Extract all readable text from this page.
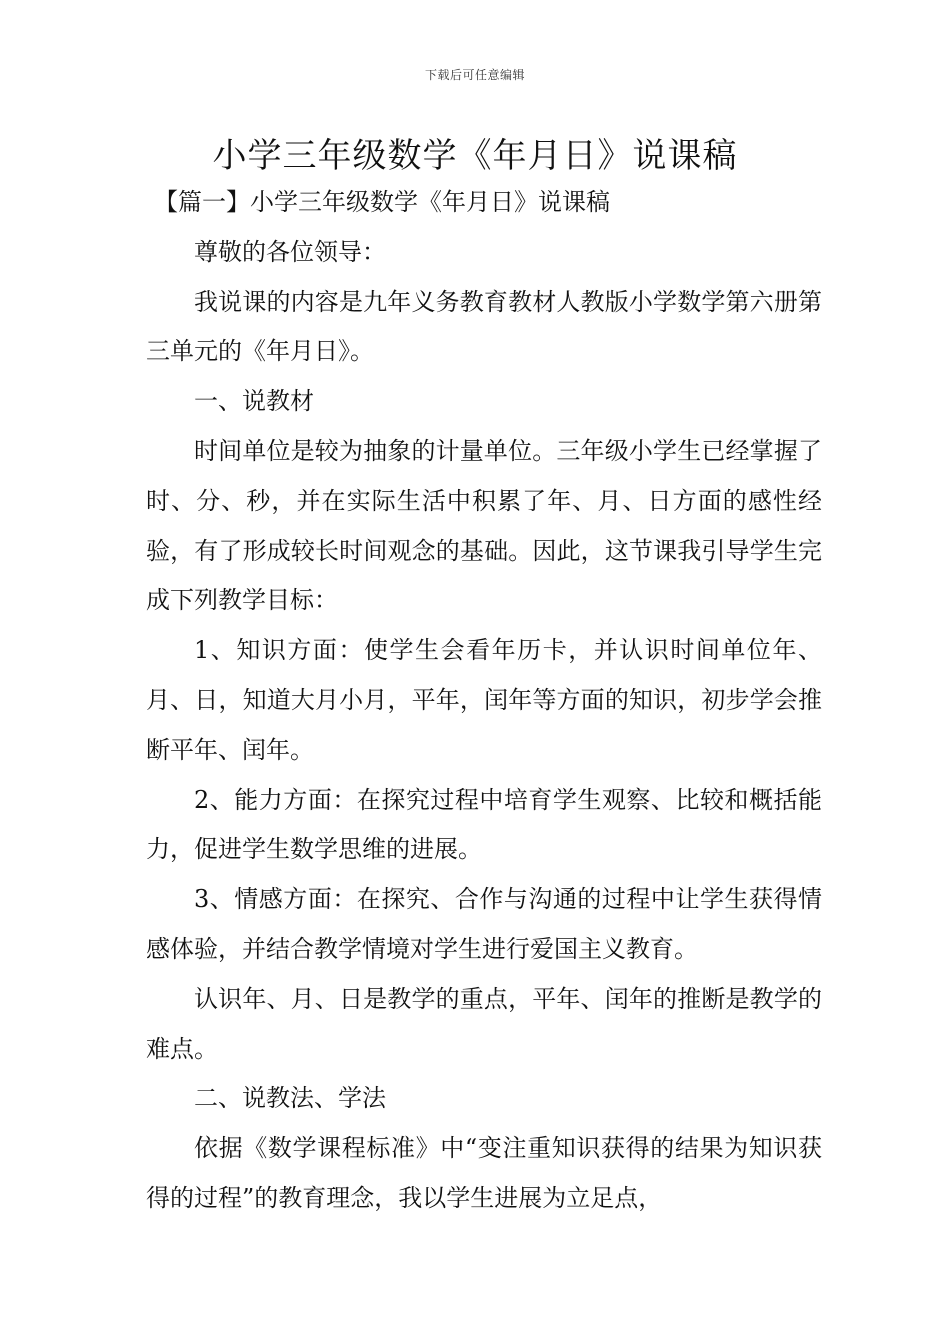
下载后可任意编辑
小学三年级数学《年月日》说课稿

【篇一】小学三年级数学《年月日》说课稿

尊敬的各位领导：

我说课的内容是九年义务教育教材人教版小学数学第六册第三单元的《年月日》。

一、说教材

时间单位是较为抽象的计量单位。三年级小学生已经掌握了时、分、秒，并在实际生活中积累了年、月、日方面的感性经验，有了形成较长时间观念的基础。因此，这节课我引导学生完成下列教学目标：

1、知识方面：使学生会看年历卡，并认识时间单位年、月、日，知道大月小月，平年，闰年等方面的知识，初步学会推断平年、闰年。

2、能力方面：在探究过程中培育学生观察、比较和概括能力，促进学生数学思维的进展。

3、情感方面：在探究、合作与沟通的过程中让学生获得情感体验，并结合教学情境对学生进行爱国主义教育。

认识年、月、日是教学的重点，平年、闰年的推断是教学的难点。

二、说教法、学法

依据《数学课程标准》中“变注重知识获得的结果为知识获得的过程”的教育理念，我以学生进展为立足点，
